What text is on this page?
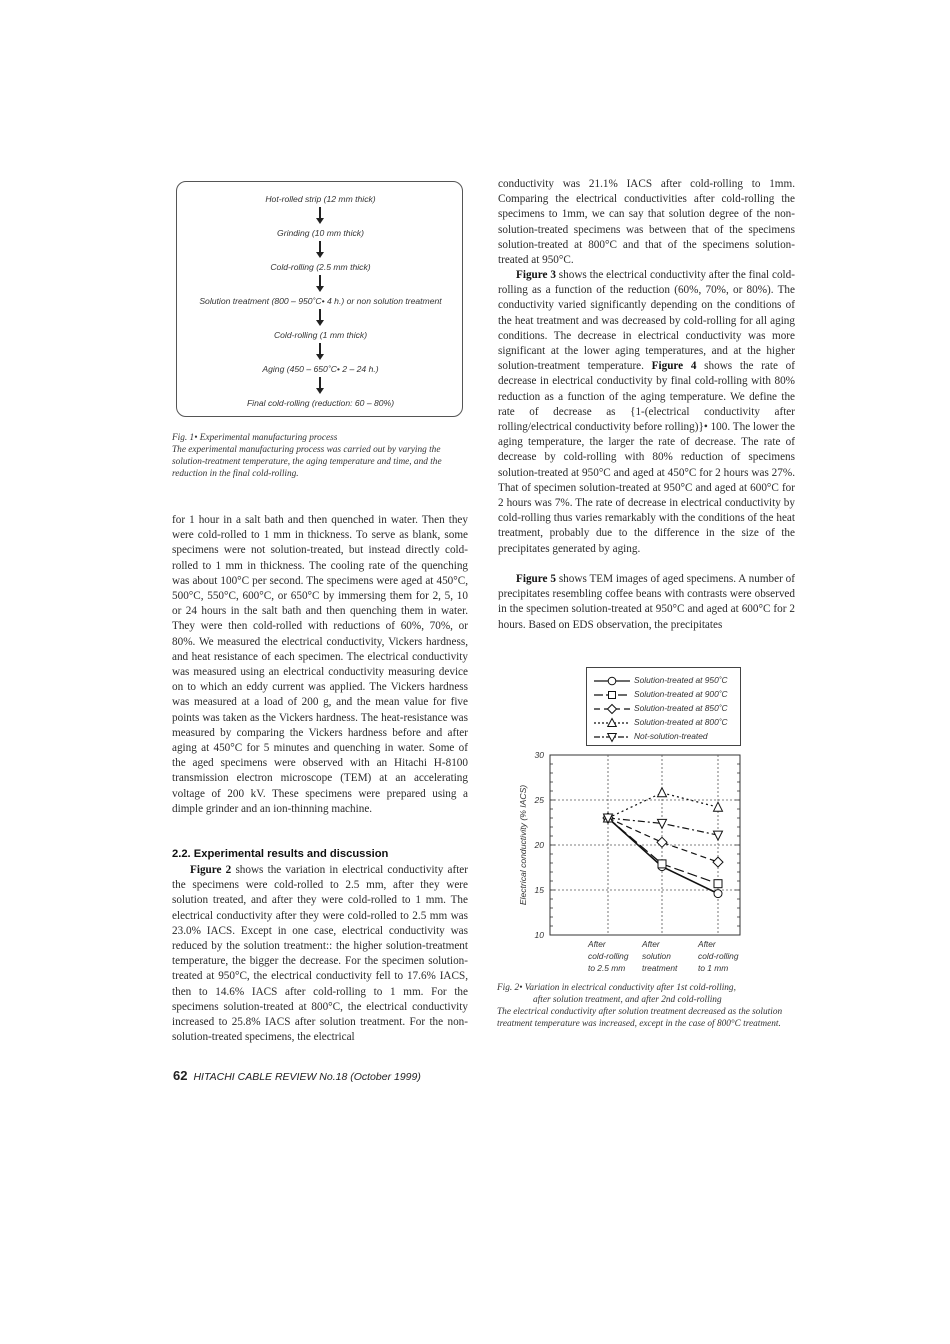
Hot-rolled strip (12 mm thick)
Grinding (10 mm thick)
Cold-rolling (2.5 mm thick)
Solution treatment (800 – 950˚C• 4 h.) or non solution treatment
Cold-rolling (1 mm thick)
Aging (450 – 650˚C• 2 – 24 h.)
Final cold-rolling (reduction: 60 – 80%)
Fig. 1• Experimental manufacturing process
The experimental manufacturing process was carried out by varying the solution-treatment temperature, the aging temperature and time, and the reduction in the final cold-rolling.

for 1 hour in a salt bath and then quenched in water. Then they were cold-rolled to 1 mm in thickness. To serve as blank, some specimens were not solution-treated, but instead directly cold-rolled to 1 mm in thickness. The cooling rate of the quenching was about 100°C per second. The specimens were aged at 450°C, 500°C, 550°C, 600°C, or 650°C by immersing them for 2, 5, 10 or 24 hours in the salt bath and then quenching them in water. They were then cold-rolled with reductions of 60%, 70%, or 80%. We measured the electrical conductivity, Vickers hardness, and heat resistance of each specimen. The electrical conductivity was measured using an electrical conductivity measuring device on to which an eddy current was applied. The Vickers hardness was measured at a load of 200 g, and the mean value for five points was taken as the Vickers hardness. The heat-resistance was measured by comparing the Vickers hardness before and after aging at 450°C for 5 minutes and quenching in water. Some of the aged specimens were observed with an Hitachi H-8100 transmission electron microscope (TEM) at an accelerating voltage of 200 kV. These specimens were prepared using a dimple grinder and an ion-thinning machine.

2.2. Experimental results and discussion

Figure 2 shows the variation in electrical conductivity after the specimens were cold-rolled to 2.5 mm, after they were solution treated, and after they were cold-rolled to 1 mm. The electrical conductivity after they were cold-rolled to 2.5 mm was 23.0% IACS. Except in one case, electrical conductivity was reduced by the solution treatment:: the higher solution-treatment temperature, the bigger the decrease. For the specimen solution-treated at 950°C, the electrical conductivity fell to 17.6% IACS, then to 14.6% IACS after cold-rolling to 1 mm. For the specimens solution-treated at 800°C, the electrical conductivity increased to 25.8% IACS after solution treatment. For the non-solution-treated specimens, the electrical

conductivity was 21.1% IACS after cold-rolling to 1mm. Comparing the electrical conductivities after cold-rolling the specimens to 1mm, we can say that solution degree of the non-solution-treated specimens was between that of the specimens solution-treated at 800°C and that of the specimens solution-treated at 950°C.

Figure 3 shows the electrical conductivity after the final cold-rolling as a function of the reduction (60%, 70%, or 80%). The conductivity varied significantly depending on the conditions of the heat treatment and was decreased by cold-rolling for all aging conditions. The decrease in electrical conductivity was more significant at the lower aging temperatures, and at the higher solution-treatment temperature. Figure 4 shows the rate of decrease in electrical conductivity by final cold-rolling with 80% reduction as a function of the aging temperature. We define the rate of decrease as {1-(electrical conductivity after rolling/electrical conductivity before rolling)}• 100. The lower the aging temperature, the larger the rate of decrease. The rate of decrease by cold-rolling with 80% reduction of specimens solution-treated at 950°C and aged at 450°C for 2 hours was 27%. That of specimen solution-treated at 950°C and aged at 600°C for 2 hours was 7%. The rate of decrease in electrical conductivity by cold-rolling thus varies remarkably with the conditions of the heat treatment, probably due to the difference in the size of the precipitates generated by aging.

Figure 5 shows TEM images of aged specimens. A number of precipitates resembling coffee beans with contrasts were observed in the specimen solution-treated at 950°C and aged at 600°C for 2 hours. Based on EDS observation, the precipitates

10
15
20
25
30
Electrical conductivity (% IACS)
After
cold-rolling
to 2.5 mm
After
solution
treatment
After
cold-rolling
to 1 mm
Solution-treated at 950˚C
Solution-treated at 900˚C
Solution-treated at 850˚C
Solution-treated at 800˚C
Not-solution-treated
Fig. 2• Variation in electrical conductivity after 1st cold-rolling,
after solution treatment, and after 2nd cold-rolling
The electrical conductivity after solution treatment decreased as the solution treatment temperature was increased, except in the case of 800°C treatment.
62 HITACHI CABLE REVIEW No.18 (October 1999)
